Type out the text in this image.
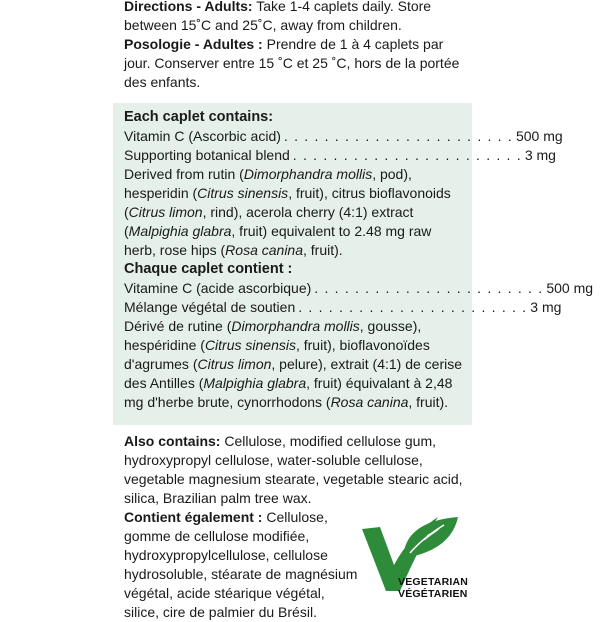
Directions - Adults: Take 1-4 caplets daily. Store between 15˚C and 25˚C, away from children.

Posologie - Adultes : Prendre de 1 à 4 caplets par jour. Conserver entre 15 ˚C et 25 ˚C, hors de la portée des enfants.

Each caplet contains:

Vitamin C (Ascorbic acid) . . . . . . . . . . . . . . . . . . . . . . . 500 mg
Supporting botanical blend . . . . . . . . . . . . . . . . . . . . . . . 3 mg

Derived from rutin (Dimorphandra mollis, pod), hesperidin (Citrus sinensis, fruit), citrus bioflavonoids (Citrus limon, rind), acerola cherry (4:1) extract (Malpighia glabra, fruit) equivalent to 2.48 mg raw herb, rose hips (Rosa canina, fruit).

Chaque caplet contient :

Vitamine C (acide ascorbique) . . . . . . . . . . . . . . . . . . . . . . . 500 mg
Mélange végétal de soutien . . . . . . . . . . . . . . . . . . . . . . . 3 mg

Dérivé de rutine (Dimorphandra mollis, gousse), hespéridine (Citrus sinensis, fruit), bioflavonoïdes d'agrumes (Citrus limon, pelure), extrait (4:1) de cerise des Antilles (Malpighia glabra, fruit) équivalant à 2,48 mg d'herbe brute, cynorrhodons (Rosa canina, fruit).

Also contains: Cellulose, modified cellulose gum, hydroxypropyl cellulose, water-soluble cellulose, vegetable magnesium stearate, vegetable stearic acid, silica, Brazilian palm tree wax.

Contient également : Cellulose, gomme de cellulose modifiée, hydroxypropylcellulose, cellulose hydrosoluble, stéarate de magnésium végétal, acide stéarique végétal, silice, cire de palmier du Brésil.

VEGETARIAN
VÉGÉTARIEN
